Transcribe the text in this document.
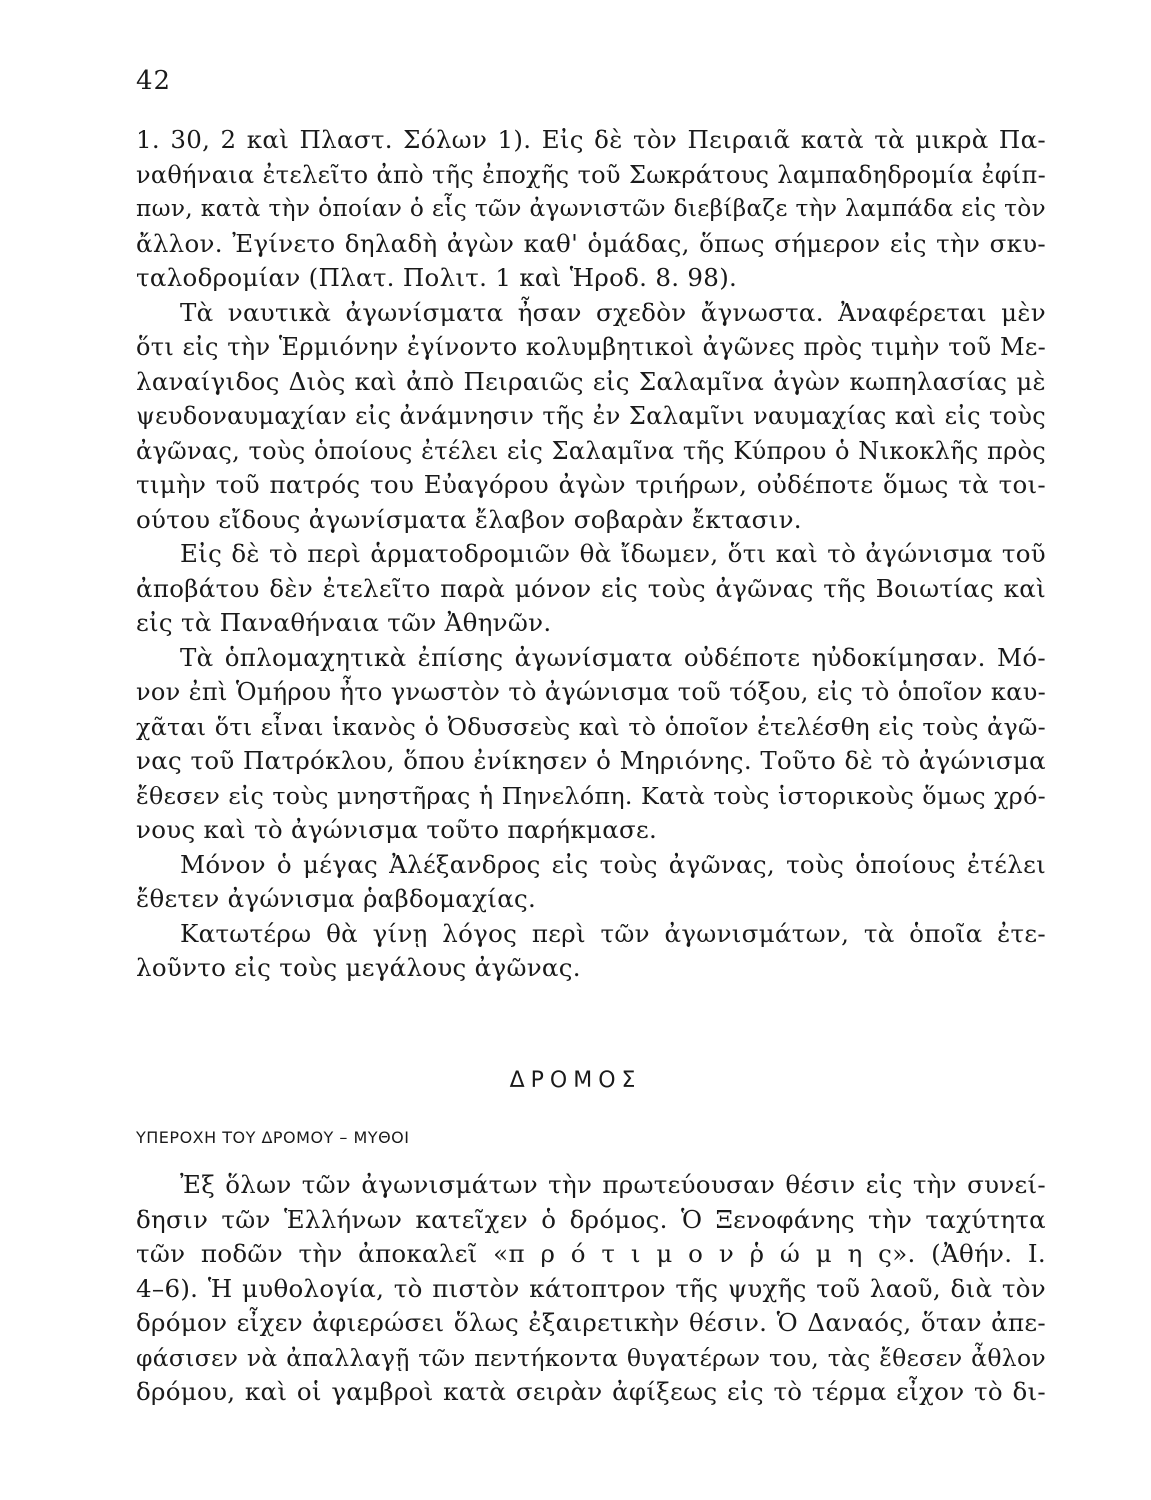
42
1. 30, 2 καὶ Πλαστ. Σόλων 1). Εἰς δὲ τὸν Πειραιᾶ κατὰ τὰ μικρὰ Πα-
ναθήναια ἐτελεῖτο ἀπὸ τῆς ἐποχῆς τοῦ Σωκράτους λαμπαδηδρομία ἐφίπ-
πων, κατὰ τὴν ὁποίαν ὁ εἷς τῶν ἀγωνιστῶν διεβίβαζε τὴν λαμπάδα εἰς τὸν
ἄλλον. Ἐγίνετο δηλαδὴ ἀγὼν καθ' ὁμάδας, ὅπως σήμερον εἰς τὴν σκυ-
ταλοδρομίαν (Πλατ. Πολιτ. 1 καὶ Ἡροδ. 8. 98).
Τὰ ναυτικὰ ἀγωνίσματα ἦσαν σχεδὸν ἄγνωστα. Ἀναφέρεται μὲν
ὅτι εἰς τὴν Ἑρμιόνην ἐγίνοντο κολυμβητικοὶ ἀγῶνες πρὸς τιμὴν τοῦ Με-
λαναίγιδος Διὸς καὶ ἀπὸ Πειραιῶς εἰς Σαλαμῖνα ἀγὼν κωπηλασίας μὲ
ψευδοναυμαχίαν εἰς ἀνάμνησιν τῆς ἐν Σαλαμῖνι ναυμαχίας καὶ εἰς τοὺς
ἀγῶνας, τοὺς ὁποίους ἐτέλει εἰς Σαλαμῖνα τῆς Κύπρου ὁ Νικοκλῆς πρὸς
τιμὴν τοῦ πατρός του Εὐαγόρου ἀγὼν τριήρων, οὐδέποτε ὅμως τὰ τοι-
ούτου εἴδους ἀγωνίσματα ἔλαβον σοβαρὰν ἔκτασιν.
Εἰς δὲ τὸ περὶ ἁρματοδρομιῶν θὰ ἴδωμεν, ὅτι καὶ τὸ ἀγώνισμα τοῦ
ἀποβάτου δὲν ἐτελεῖτο παρὰ μόνον εἰς τοὺς ἀγῶνας τῆς Βοιωτίας καὶ
εἰς τὰ Παναθήναια τῶν Ἀθηνῶν.
Τὰ ὁπλομαχητικὰ ἐπίσης ἀγωνίσματα οὐδέποτε ηὐδοκίμησαν. Μό-
νον ἐπὶ Ὁμήρου ἦτο γνωστὸν τὸ ἀγώνισμα τοῦ τόξου, εἰς τὸ ὁποῖον καυ-
χᾶται ὅτι εἶναι ἱκανὸς ὁ Ὀδυσσεὺς καὶ τὸ ὁποῖον ἐτελέσθη εἰς τοὺς ἀγῶ-
νας τοῦ Πατρόκλου, ὅπου ἐνίκησεν ὁ Μηριόνης. Τοῦτο δὲ τὸ ἀγώνισμα
ἔθεσεν εἰς τοὺς μνηστῆρας ἡ Πηνελόπη. Κατὰ τοὺς ἱστορικοὺς ὅμως χρό-
νους καὶ τὸ ἀγώνισμα τοῦτο παρήκμασε.
Μόνον ὁ μέγας Ἀλέξανδρος εἰς τοὺς ἀγῶνας, τοὺς ὁποίους ἐτέλει
ἔθετεν ἀγώνισμα ῥαβδομαχίας.
Κατωτέρω θὰ γίνῃ λόγος περὶ τῶν ἀγωνισμάτων, τὰ ὁποῖα ἐτε-
λοῦντο εἰς τοὺς μεγάλους ἀγῶνας.
ΔΡΟΜΟΣ
ΥΠΕΡΟΧΗ ΤΟΥ ΔΡΟΜΟΥ – ΜΥΘΟΙ
Ἐξ ὅλων τῶν ἀγωνισμάτων τὴν πρωτεύουσαν θέσιν εἰς τὴν συνεί-
δησιν τῶν Ἑλλήνων κατεῖχεν ὁ δρόμος. Ὁ Ξενοφάνης τὴν ταχύτητα
τῶν ποδῶν τὴν ἀποκαλεῖ «π ρ ό τ ι μ ο ν ῥ ώ μ η ς». (Ἀθήν. Ι.
4–6). Ἡ μυθολογία, τὸ πιστὸν κάτοπτρον τῆς ψυχῆς τοῦ λαοῦ, διὰ τὸν
δρόμον εἶχεν ἀφιερώσει ὅλως ἐξαιρετικὴν θέσιν. Ὁ Δαναός, ὅταν ἀπε-
φάσισεν νὰ ἀπαλλαγῇ τῶν πεντήκοντα θυγατέρων του, τὰς ἔθεσεν ἆθλον
δρόμου, καὶ οἱ γαμβροὶ κατὰ σειρὰν ἀφίξεως εἰς τὸ τέρμα εἶχον τὸ δι-
